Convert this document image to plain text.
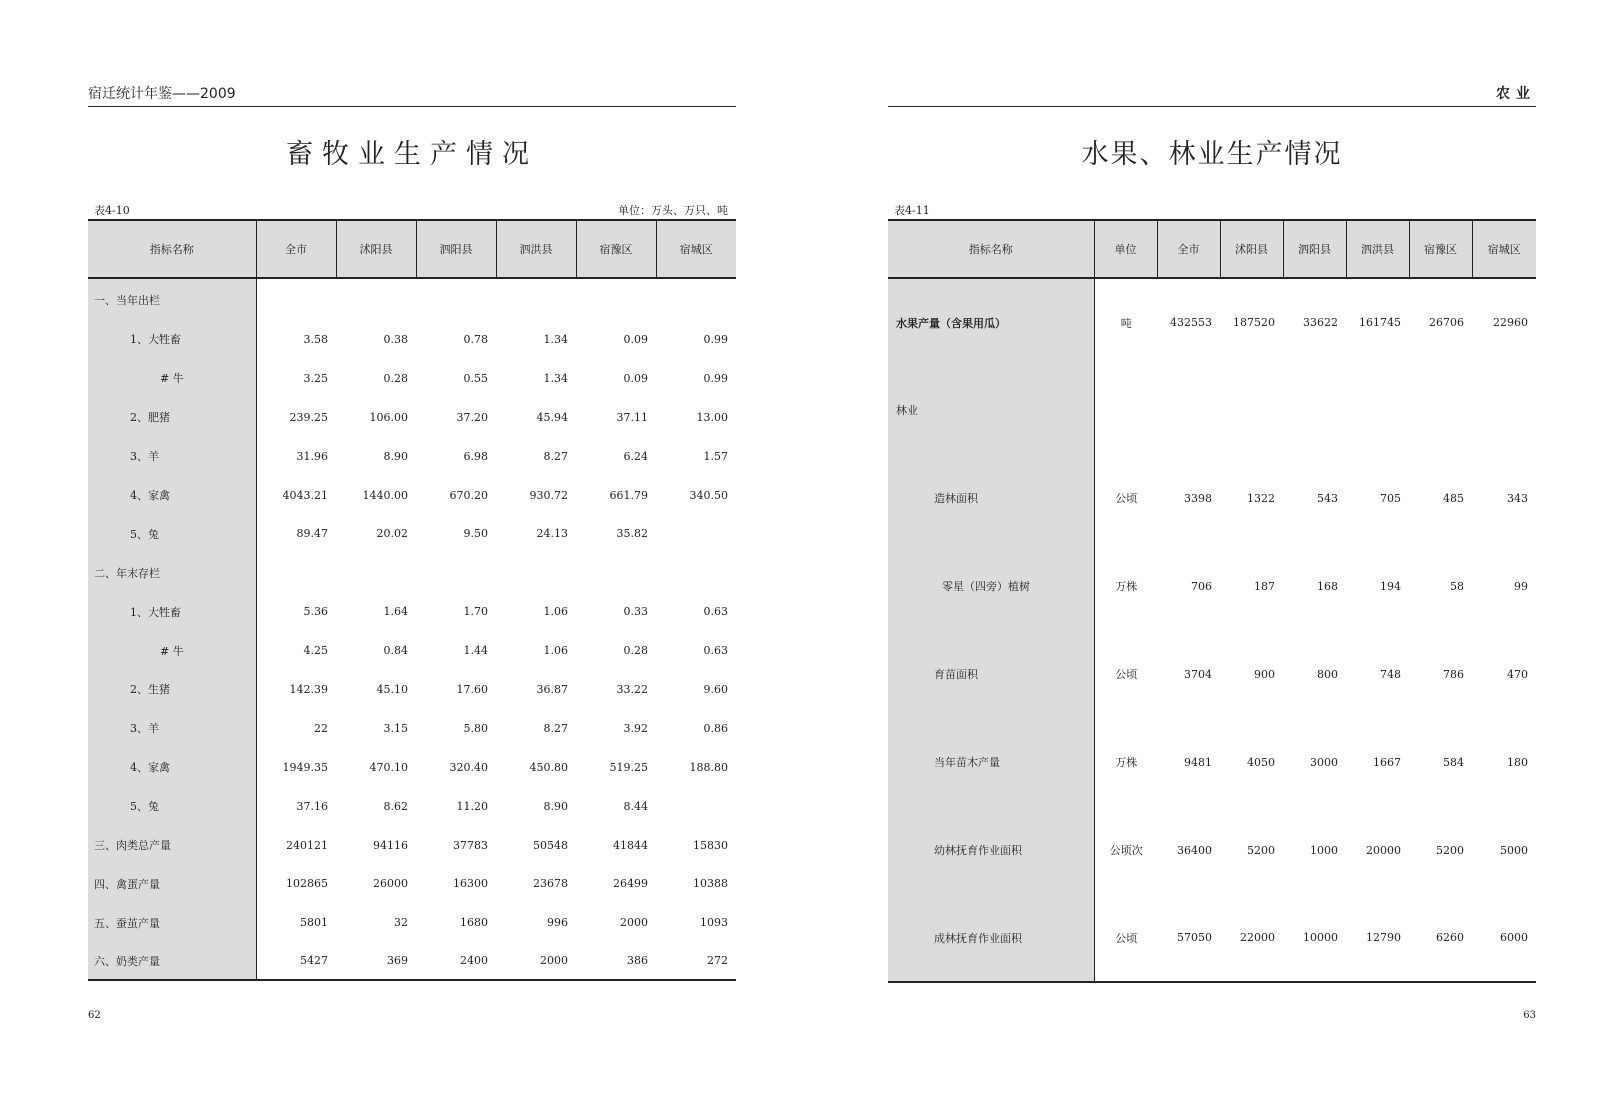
宿迁统计年鉴——2009
畜牧业生产情况
表4-10	单位：万头、万只、吨
指标名称	全市	沭阳县	泗阳县	泗洪县	宿豫区	宿城区
一、当年出栏						
1、大牲畜	3.58	0.38	0.78	1.34	0.09	0.99
# 牛	3.25	0.28	0.55	1.34	0.09	0.99
2、肥猪	239.25	106.00	37.20	45.94	37.11	13.00
3、羊	31.96	8.90	6.98	8.27	6.24	1.57
4、家禽	4043.21	1440.00	670.20	930.72	661.79	340.50
5、兔	89.47	20.02	9.50	24.13	35.82	
二、年末存栏						
1、大牲畜	5.36	1.64	1.70	1.06	0.33	0.63
# 牛	4.25	0.84	1.44	1.06	0.28	0.63
2、生猪	142.39	45.10	17.60	36.87	33.22	9.60
3、羊	22	3.15	5.80	8.27	3.92	0.86
4、家禽	1949.35	470.10	320.40	450.80	519.25	188.80
5、兔	37.16	8.62	11.20	8.90	8.44	
三、肉类总产量	240121	94116	37783	50548	41844	15830
四、禽蛋产量	102865	26000	16300	23678	26499	10388
五、蚕茧产量	5801	32	1680	996	2000	1093
六、奶类产量	5427	369	2400	2000	386	272
62
农业
水果、林业生产情况
表4-11
指标名称	单位	全市	沭阳县	泗阳县	泗洪县	宿豫区	宿城区
水果产量（含果用瓜）	吨	432553	187520	33622	161745	26706	22960
林业							
造林面积	公顷	3398	1322	543	705	485	343
零星（四旁）植树	万株	706	187	168	194	58	99
育苗面积	公顷	3704	900	800	748	786	470
当年苗木产量	万株	9481	4050	3000	1667	584	180
幼林抚育作业面积	公顷次	36400	5200	1000	20000	5200	5000
成林抚育作业面积	公顷	57050	22000	10000	12790	6260	6000
63
